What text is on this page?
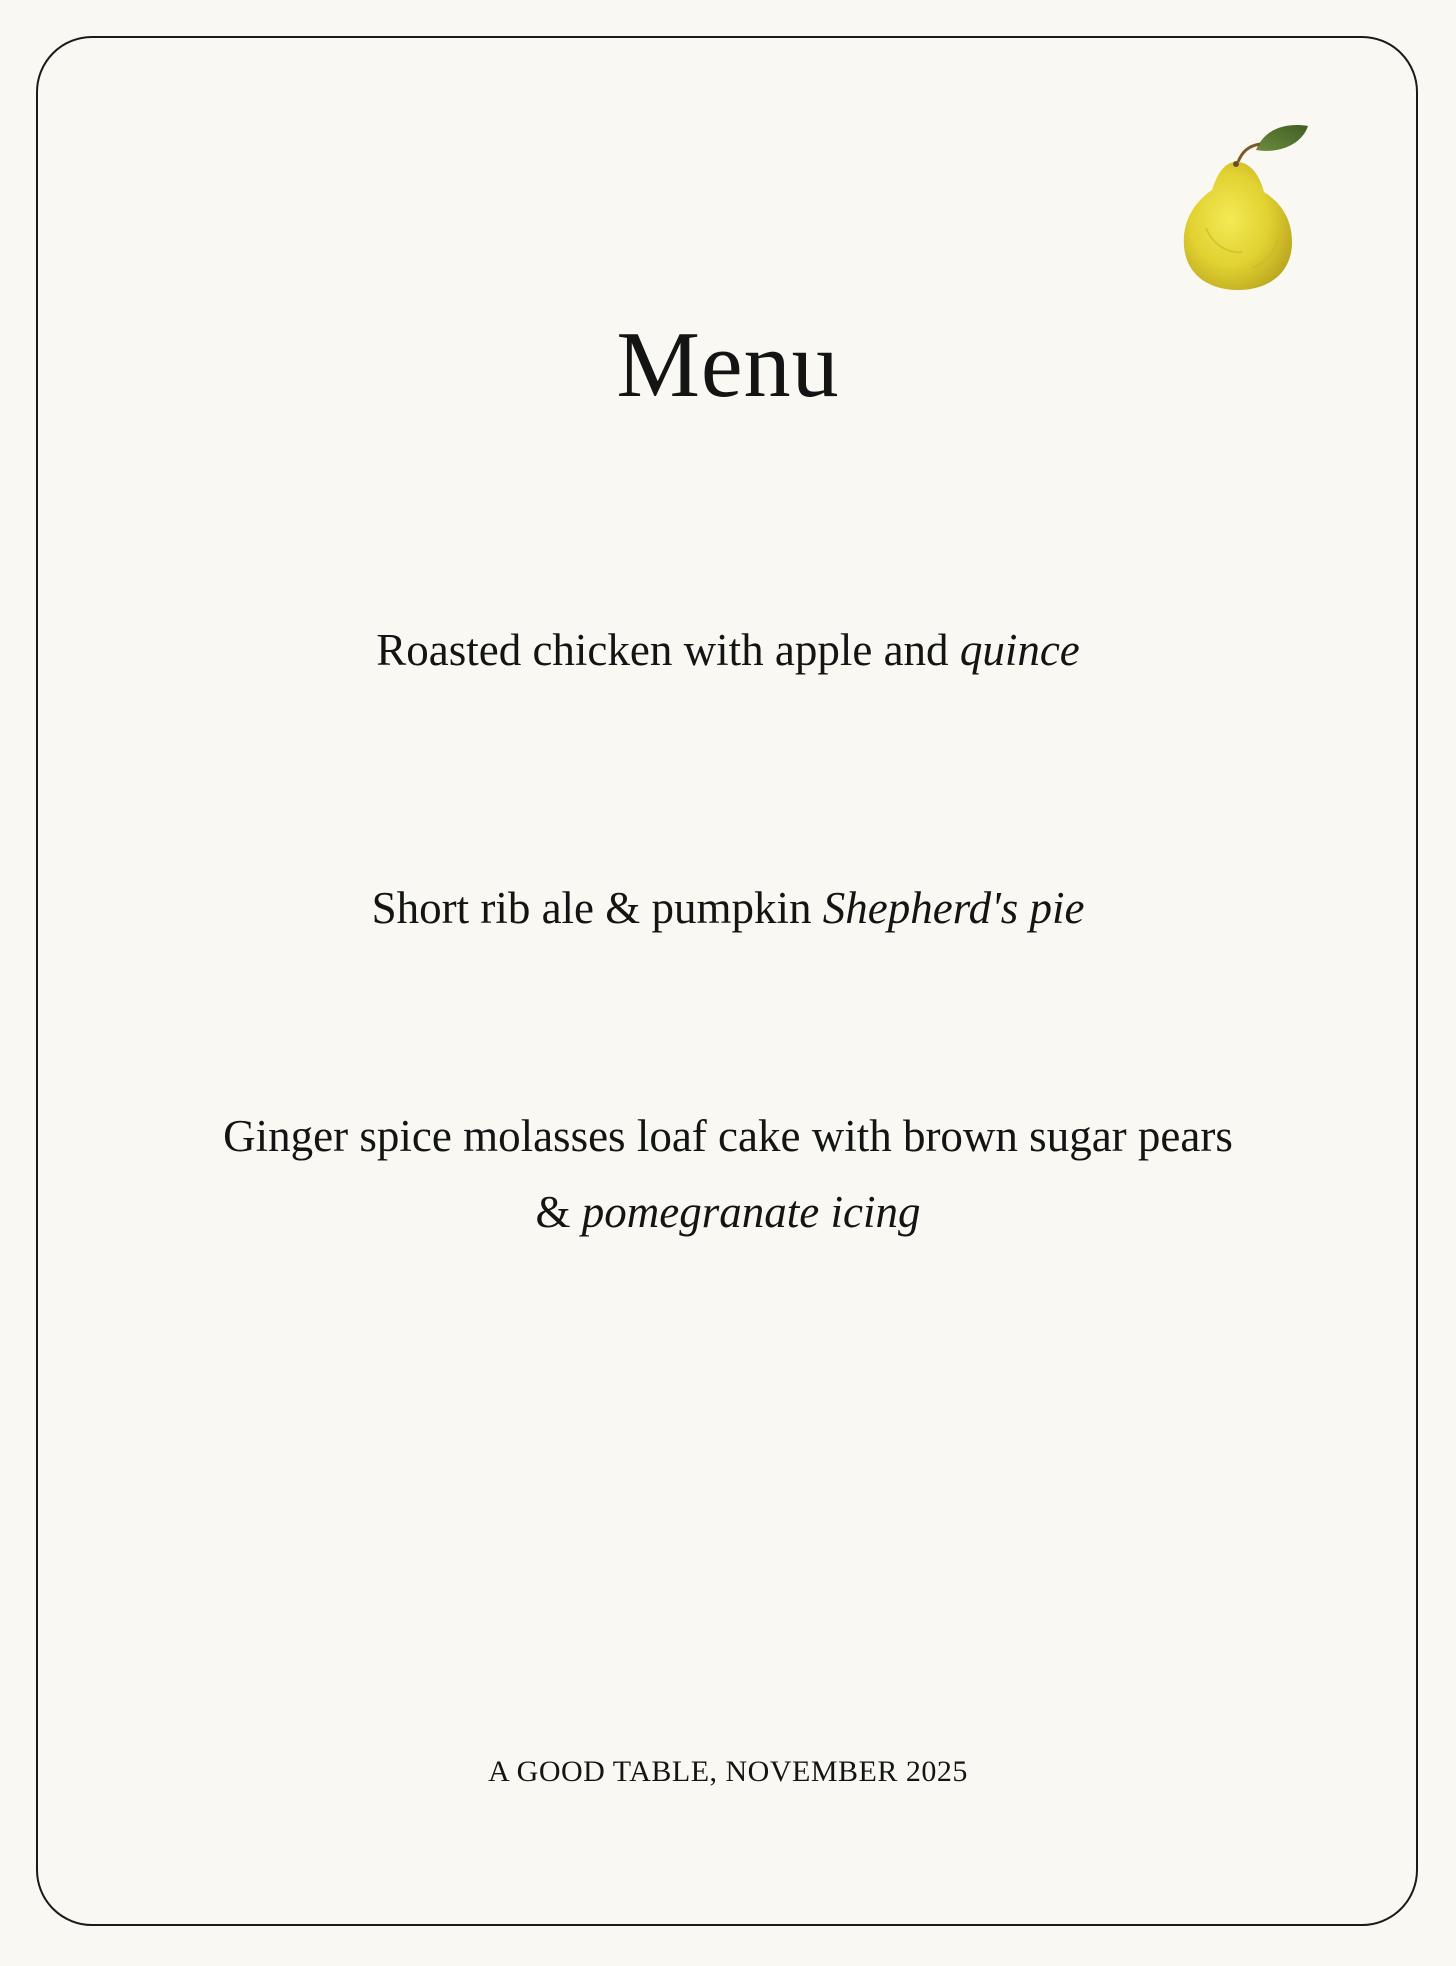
Menu
Roasted chicken with apple and quince
Short rib ale & pumpkin Shepherd's pie
Ginger spice molasses loaf cake with brown sugar pears
& pomegranate icing
A GOOD TABLE, NOVEMBER 2025
